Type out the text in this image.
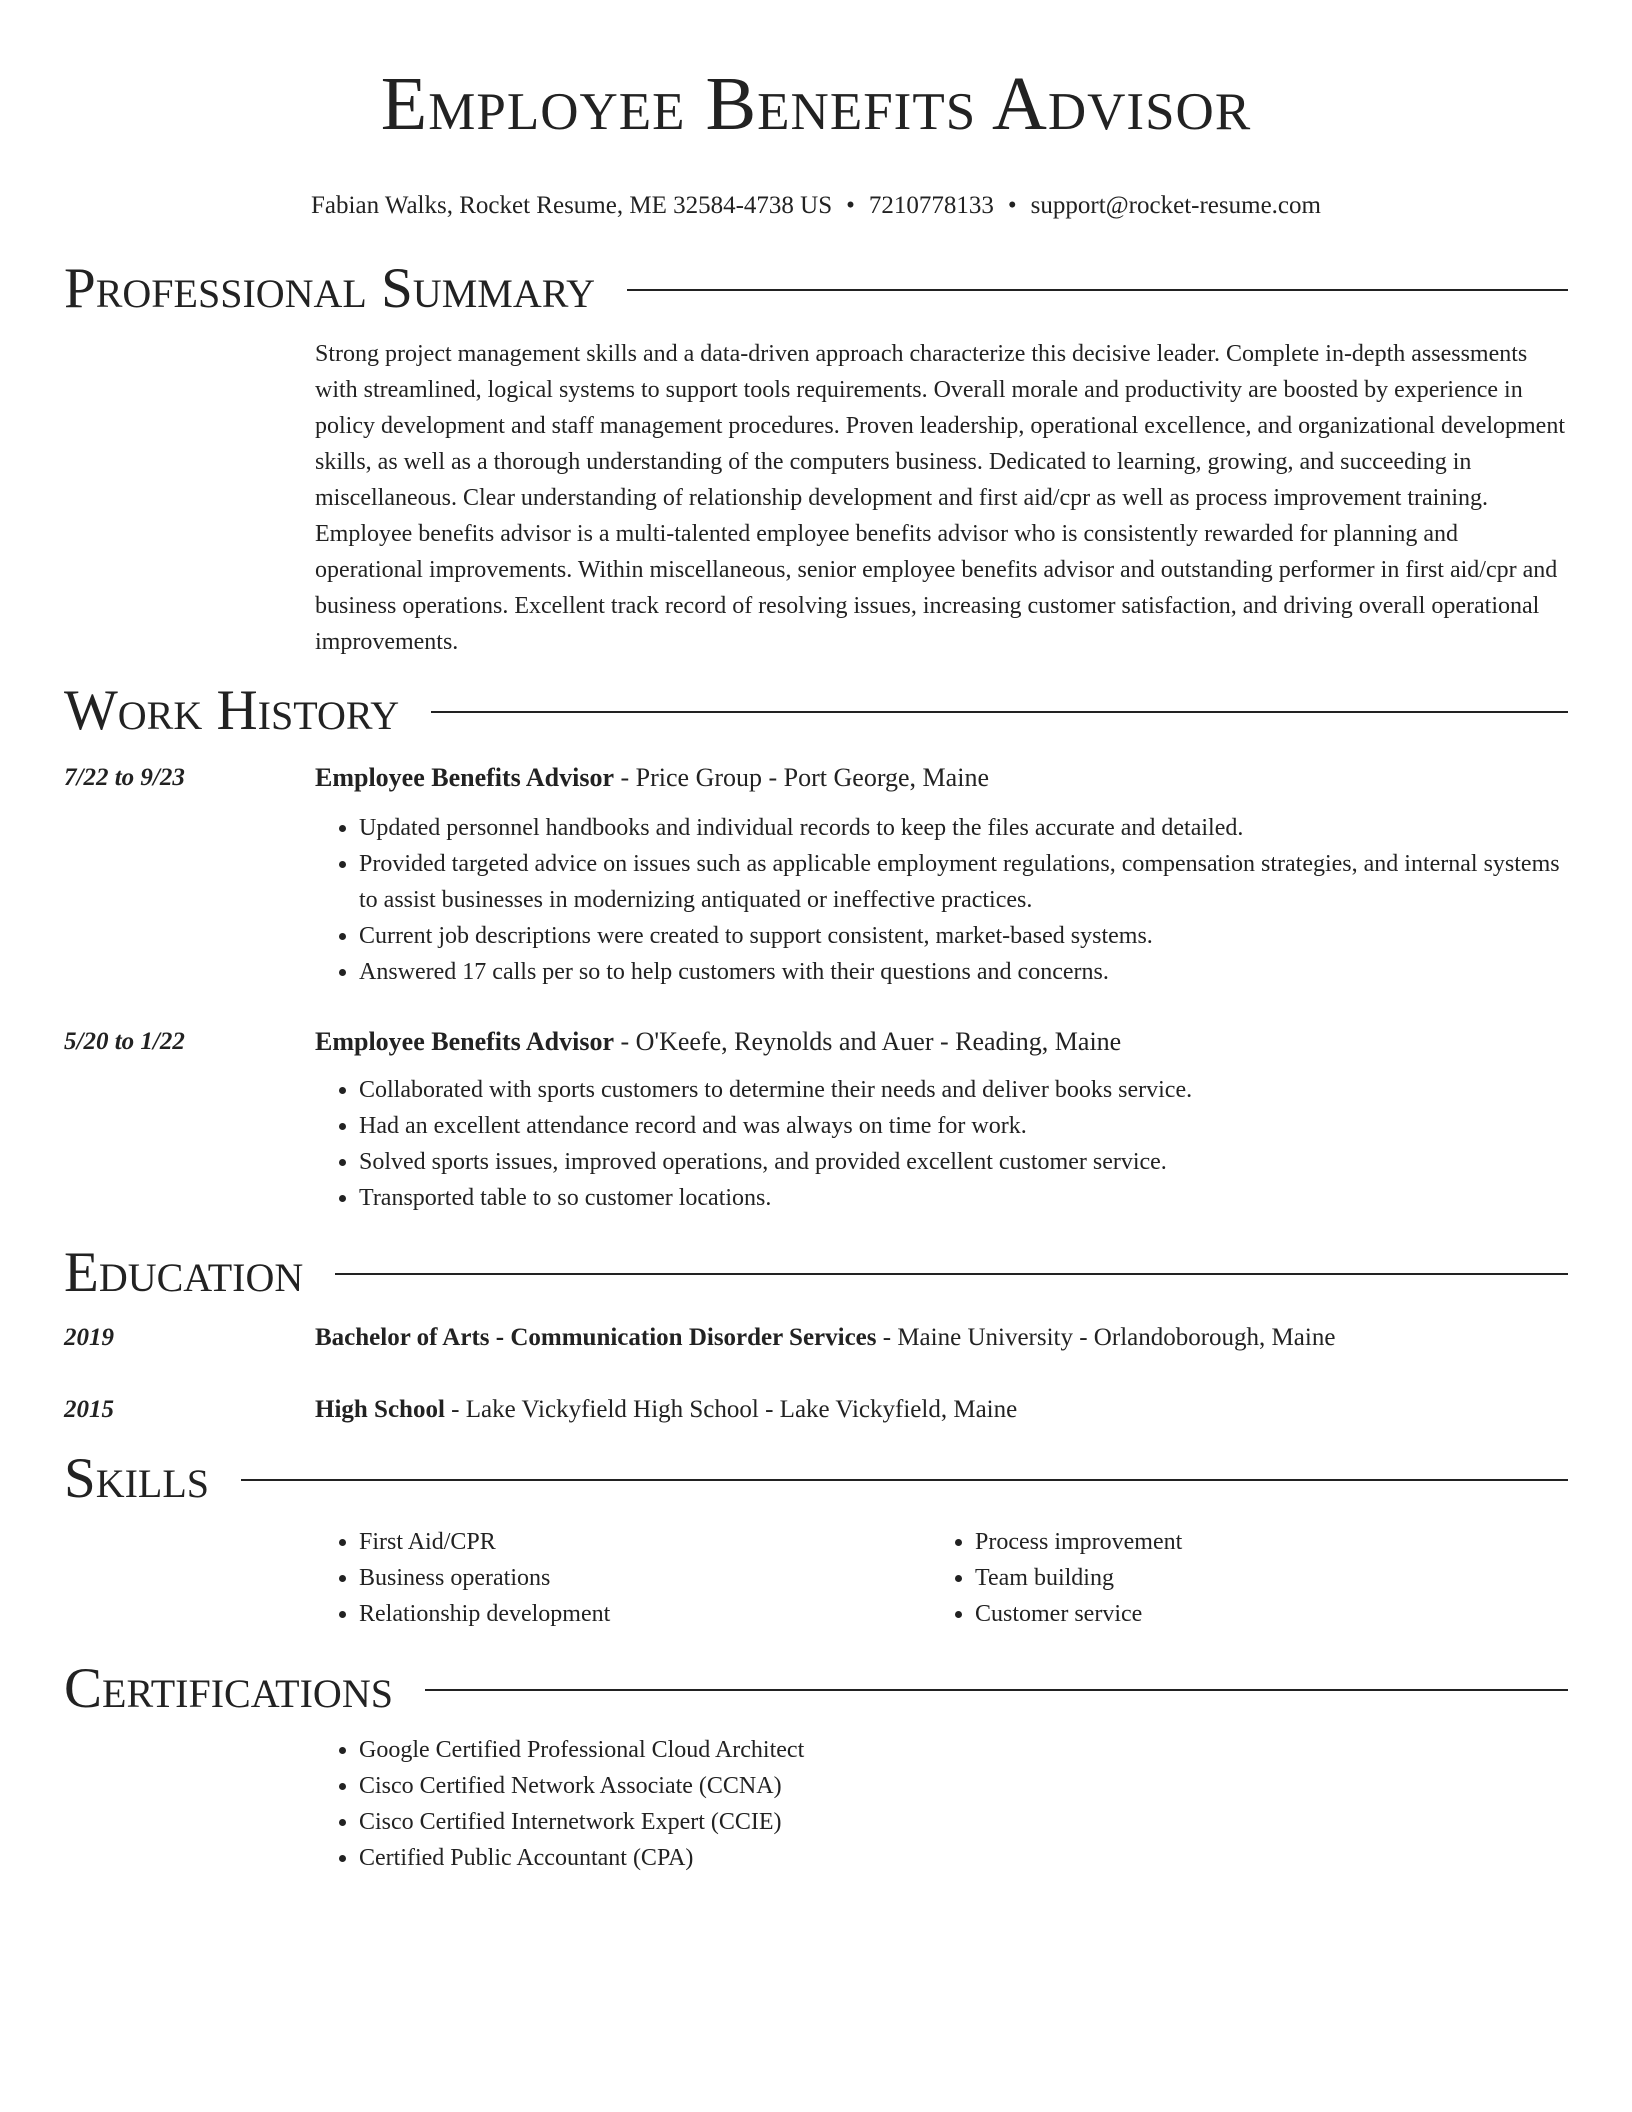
Employee Benefits Advisor
Fabian Walks, Rocket Resume, ME 32584-4738 US • 7210778133 • support@rocket-resume.com
Professional Summary

Strong project management skills and a data-driven approach characterize this decisive leader. Complete in-depth assessments with streamlined, logical systems to support tools requirements. Overall morale and productivity are boosted by experience in policy development and staff management procedures. Proven leadership, operational excellence, and organizational development skills, as well as a thorough understanding of the computers business. Dedicated to learning, growing, and succeeding in miscellaneous. Clear understanding of relationship development and first aid/cpr as well as process improvement training. Employee benefits advisor is a multi-talented employee benefits advisor who is consistently rewarded for planning and operational improvements. Within miscellaneous, senior employee benefits advisor and outstanding performer in first aid/cpr and business operations. Excellent track record of resolving issues, increasing customer satisfaction, and driving overall operational improvements.

Work History
7/22 to 9/23	Employee Benefits Advisor - Price Group - Port George, Maine
• Updated personnel handbooks and individual records to keep the files accurate and detailed.
• Provided targeted advice on issues such as applicable employment regulations, compensation strategies, and internal systems to assist businesses in modernizing antiquated or ineffective practices.
• Current job descriptions were created to support consistent, market-based systems.
• Answered 17 calls per so to help customers with their questions and concerns.
5/20 to 1/22	Employee Benefits Advisor - O'Keefe, Reynolds and Auer - Reading, Maine
• Collaborated with sports customers to determine their needs and deliver books service.
• Had an excellent attendance record and was always on time for work.
• Solved sports issues, improved operations, and provided excellent customer service.
• Transported table to so customer locations.
Education
2019	Bachelor of Arts - Communication Disorder Services - Maine University - Orlandoborough, Maine
2015	High School - Lake Vickyfield High School - Lake Vickyfield, Maine
Skills
• First Aid/CPR
• Business operations
• Relationship development
• Process improvement
• Team building
• Customer service
Certifications
• Google Certified Professional Cloud Architect
• Cisco Certified Network Associate (CCNA)
• Cisco Certified Internetwork Expert (CCIE)
• Certified Public Accountant (CPA)
